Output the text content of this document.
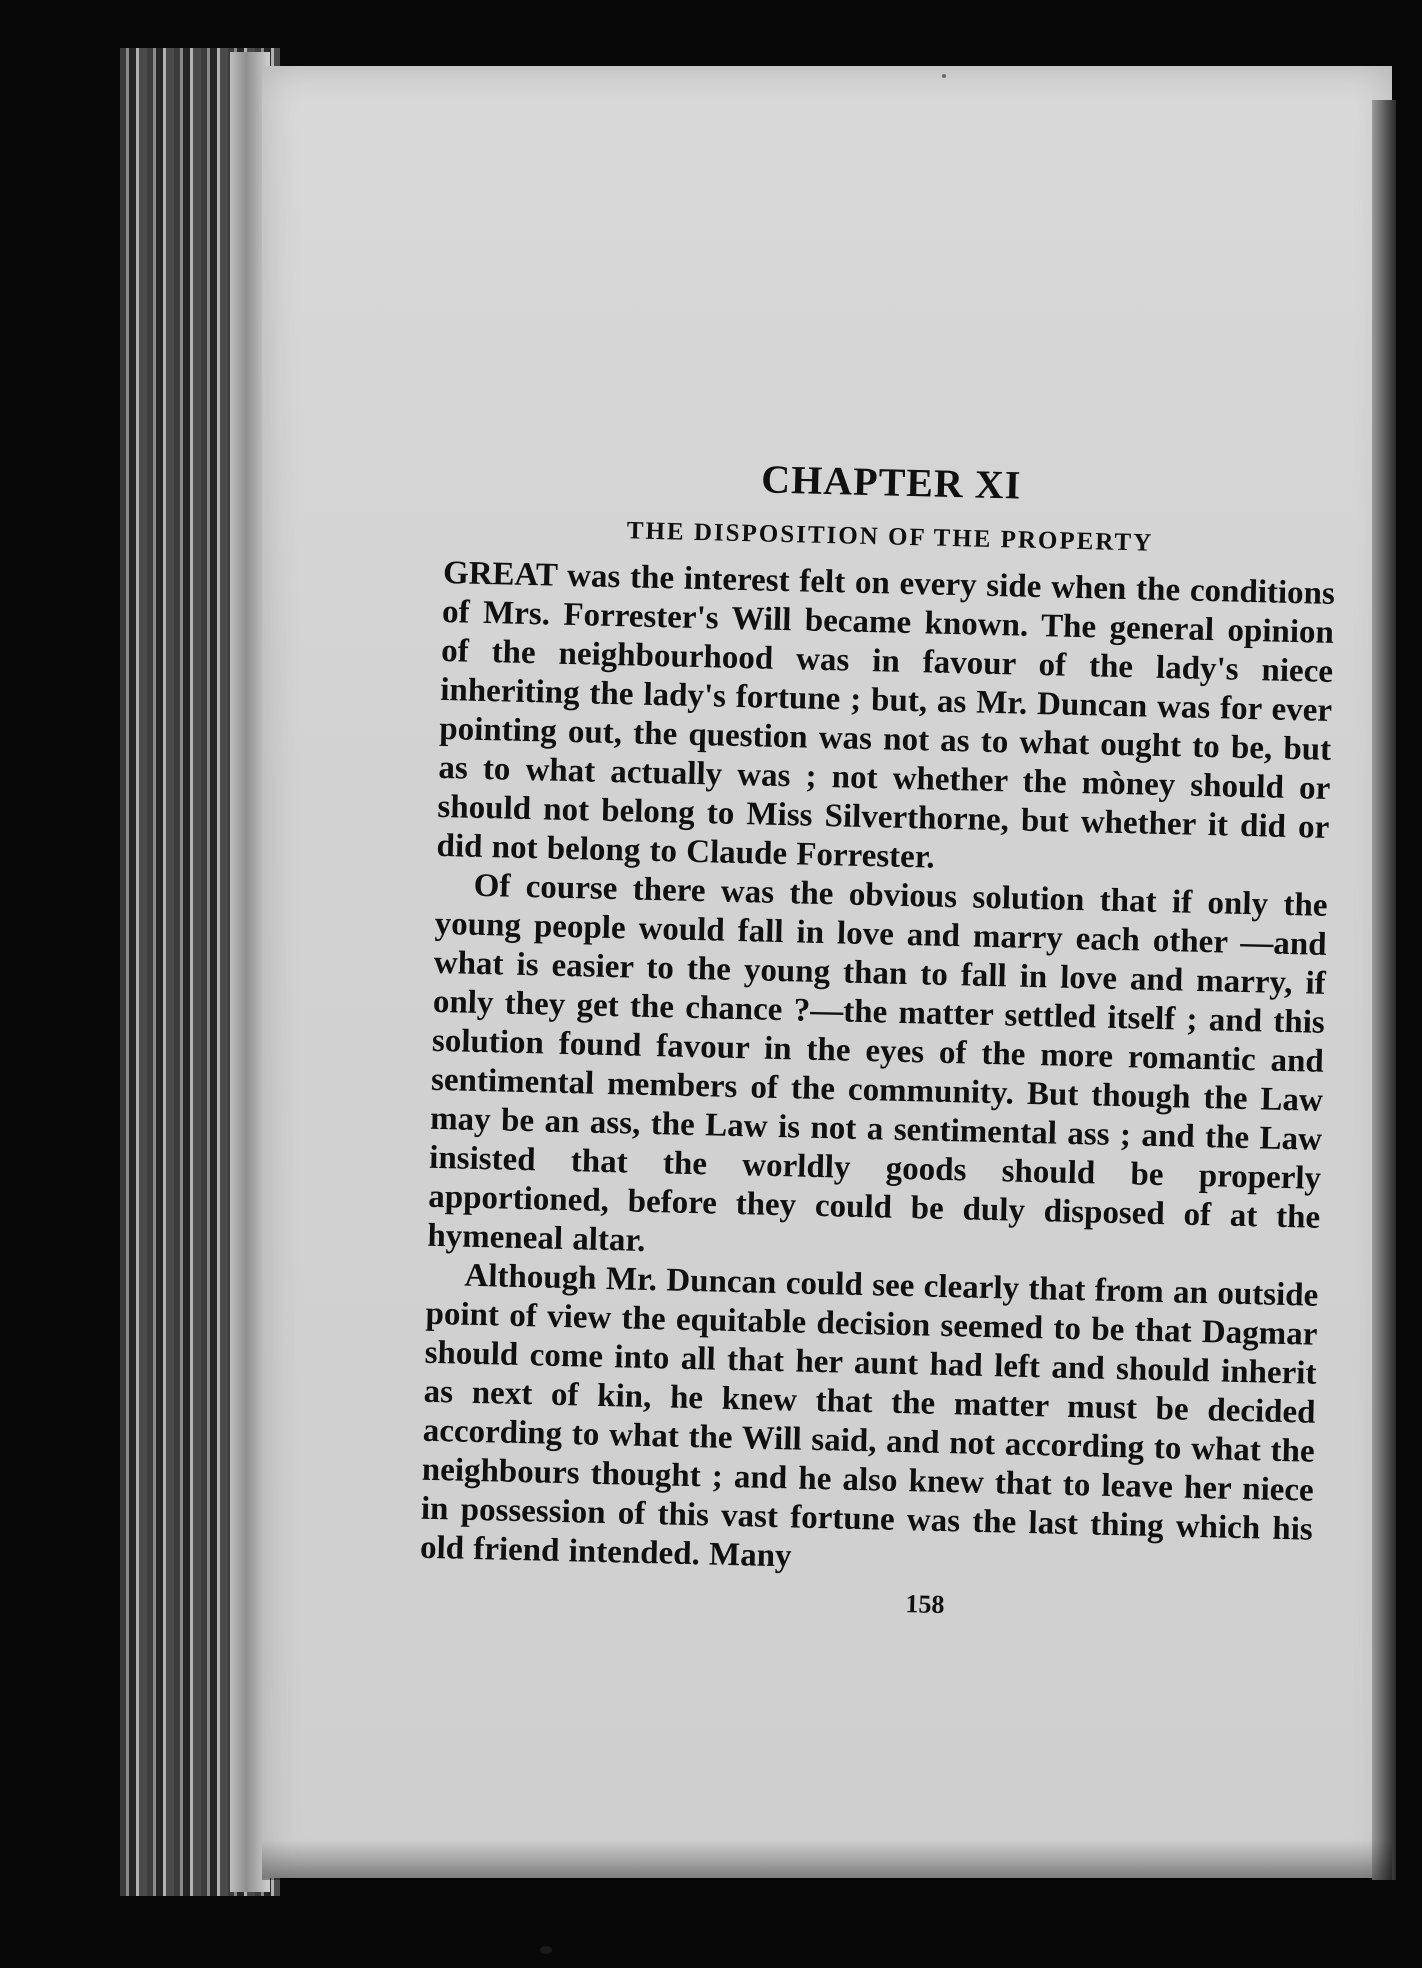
CHAPTER XI
THE DISPOSITION OF THE PROPERTY

GREAT was the interest felt on every side when the conditions of Mrs. Forrester's Will became known. The general opinion of the neighbourhood was in favour of the lady's niece inheriting the lady's fortune ; but, as Mr. Duncan was for ever pointing out, the question was not as to what ought to be, but as to what actually was ; not whether the mòney should or should not belong to Miss Silverthorne, but whether it did or did not belong to Claude Forrester.

Of course there was the obvious solution that if only the young people would fall in love and marry each other —and what is easier to the young than to fall in love and marry, if only they get the chance ?—the matter settled itself ; and this solution found favour in the eyes of the more romantic and sentimental members of the community. But though the Law may be an ass, the Law is not a sentimental ass ; and the Law insisted that the worldly goods should be properly apportioned, before they could be duly disposed of at the hymeneal altar.

Although Mr. Duncan could see clearly that from an outside point of view the equitable decision seemed to be that Dagmar should come into all that her aunt had left and should inherit as next of kin, he knew that the matter must be decided according to what the Will said, and not according to what the neighbours thought ; and he also knew that to leave her niece in possession of this vast fortune was the last thing which his old friend intended. Many

158
